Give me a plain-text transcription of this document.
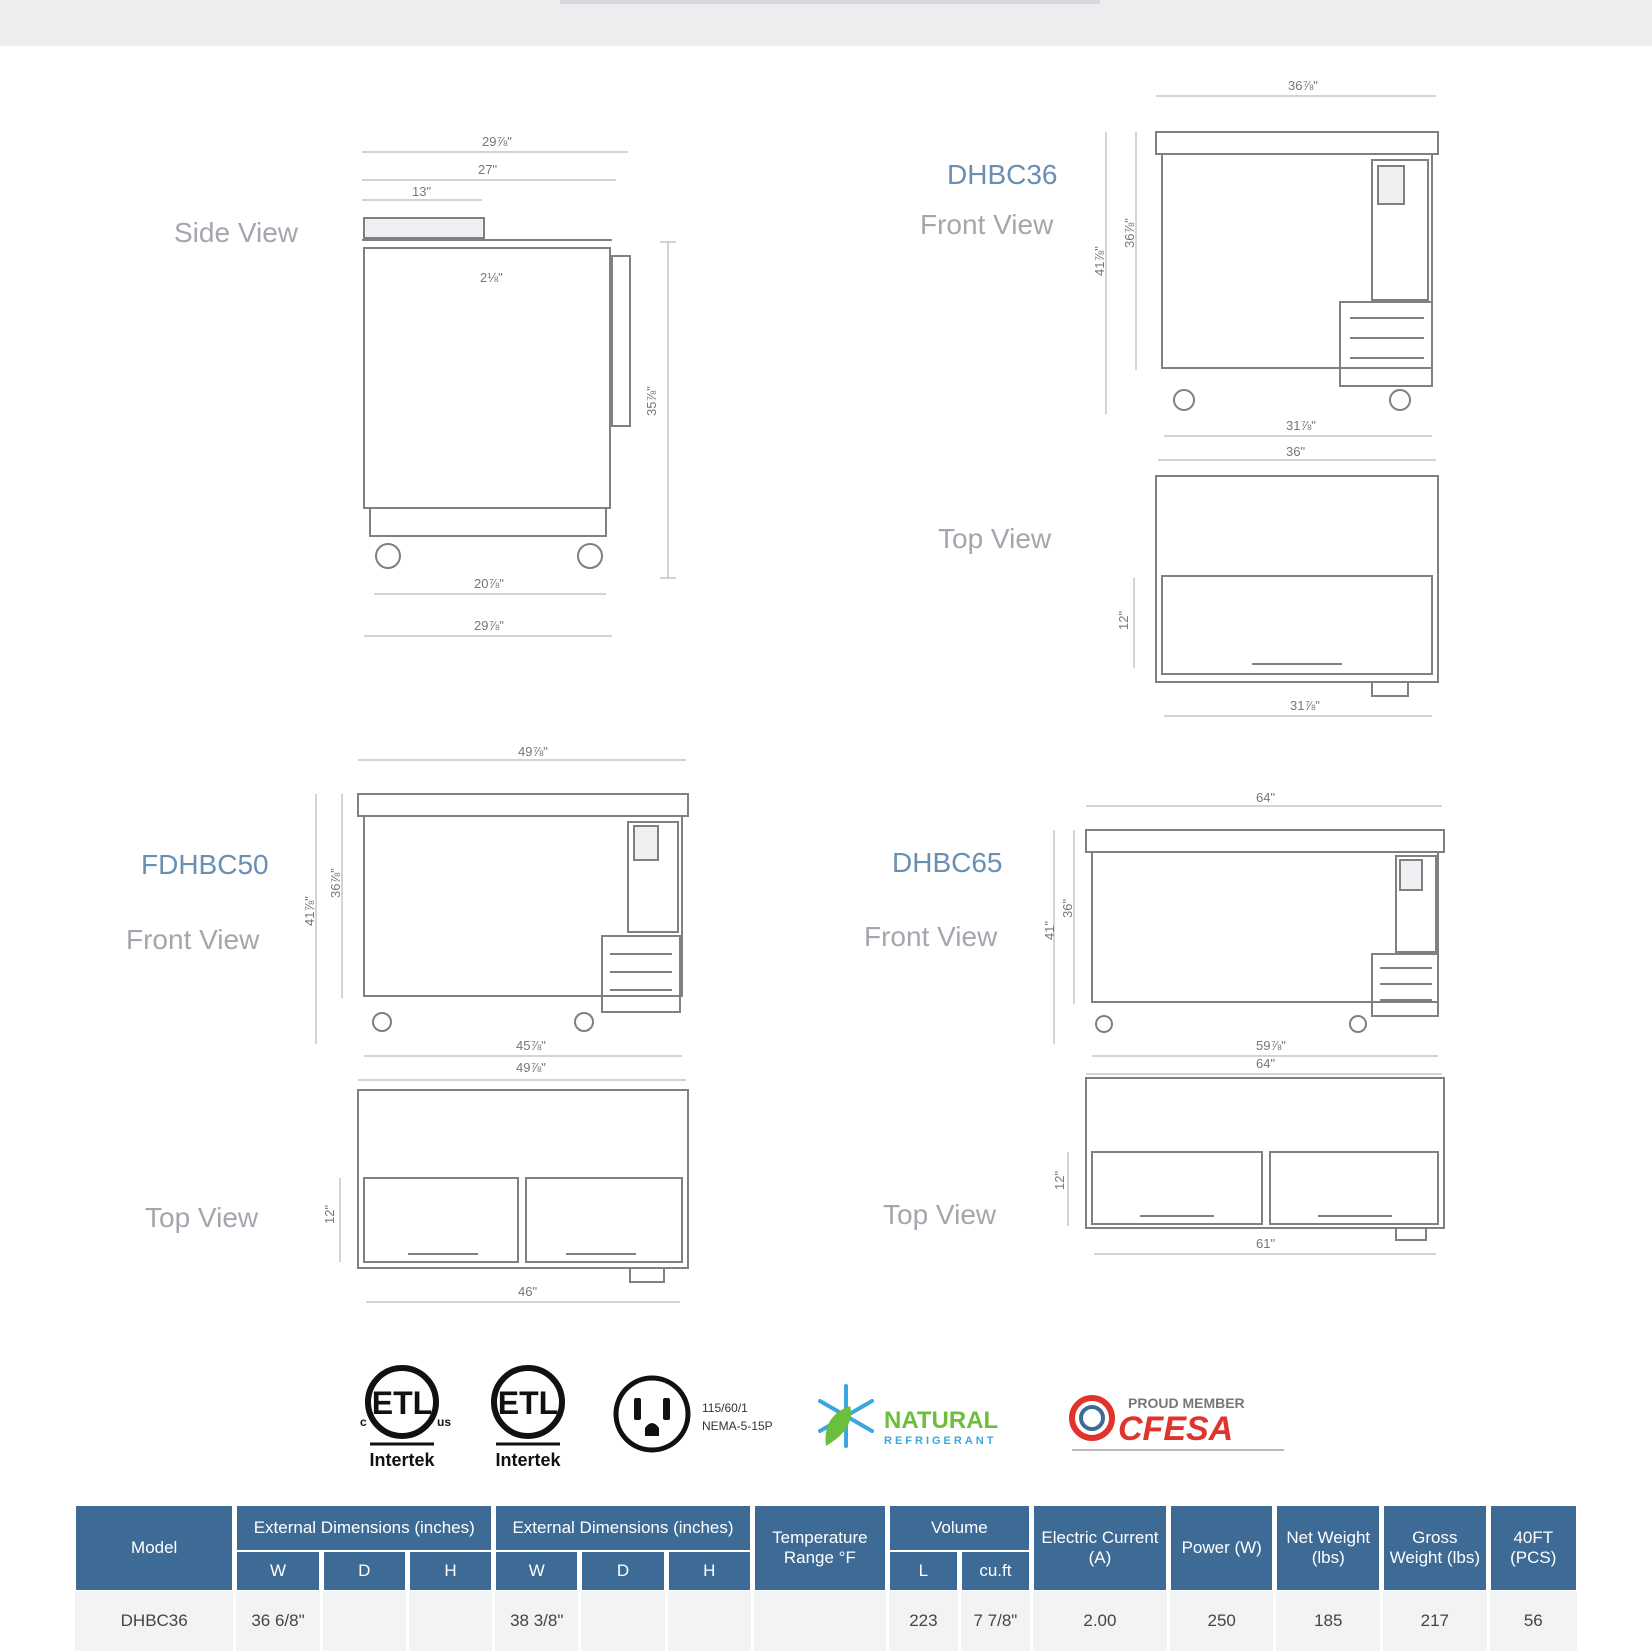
29⅞"
27"
13"
2⅛"
20⅞"
29⅞"
35⅞"
Side View
36⅞"
31⅞"
36"
41⅞"
36⅞"
DHBC36
Front View
31⅞"
12"
Top View
49⅞"
45⅞"
49⅞"
41⅞"
36⅞"
FDHBC50
Front View
46"
12"
Top View
64"
59⅞"
64"
41"
36"
DHBC65
Front View
61"
12"
Top View
ETL
c	us
Intertek
ETL
Intertek
115/60/1
NEMA-5-15P	NATURAL
REFRIGERANT
PROUD MEMBER
CFESA
Model	External Dimensions (inches)			External Dimensions (inches)			Temperature Range °F	Volume		Electric Current (A)	Power (W)	Net Weight (lbs)	Gross Weight (lbs)	40FT (PCS)
	W	D	H	W	D	H		L	cu.ft					
DHBC36	36 6/8"			38 3/8"				223	7 7/8"	2.00	250	185	217	56
